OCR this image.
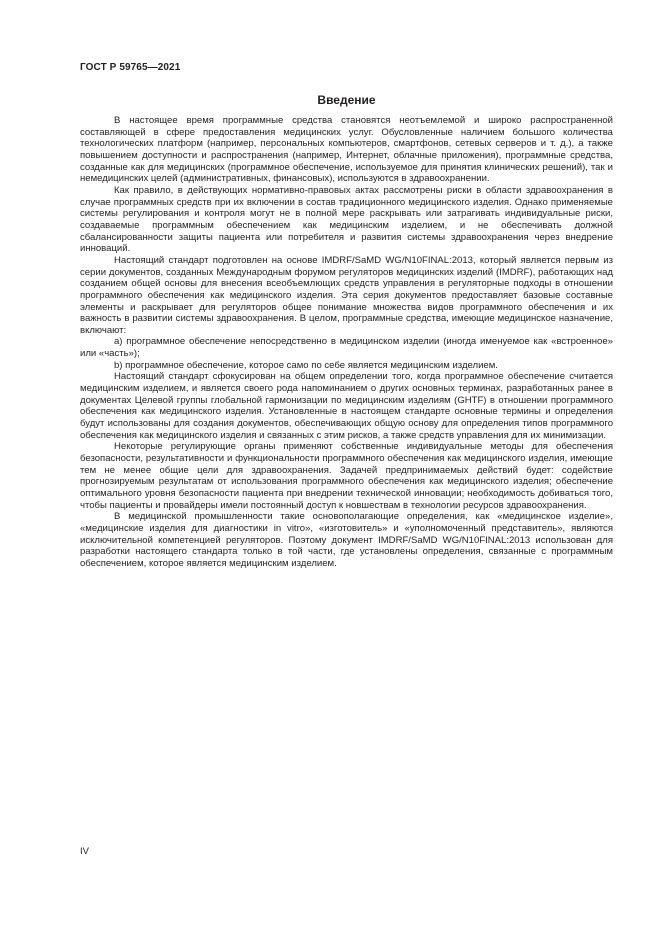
ГОСТ Р 59765—2021
Введение

В настоящее время программные средства становятся неотъемлемой и широко распространенной составляющей в сфере предоставления медицинских услуг. Обусловленные наличием большого количества технологических платформ (например, персональных компьютеров, смартфонов, сетевых серверов и т. д.), а также повышением доступности и распространения (например, Интернет, облачные приложения), программные средства, созданные как для медицинских (программное обеспечение, используемое для принятия клинических решений), так и немедицинских целей (административных, финансовых), используются в здравоохранении.

Как правило, в действующих нормативно-правовых актах рассмотрены риски в области здравоохранения в случае программных средств при их включении в состав традиционного медицинского изделия. Однако применяемые системы регулирования и контроля могут не в полной мере раскрывать или затрагивать индивидуальные риски, создаваемые программным обеспечением как медицинским изделием, и не обеспечивать должной сбалансированности защиты пациента или потребителя и развития системы здравоохранения через внедрение инноваций.

Настоящий стандарт подготовлен на основе IMDRF/SaMD WG/N10FINAL:2013, который является первым из серии документов, созданных Международным форумом регуляторов медицинских изделий (IMDRF), работающих над созданием общей основы для внесения всеобъемлющих средств управления в регуляторные подходы в отношении программного обеспечения как медицинского изделия. Эта серия документов предоставляет базовые составные элементы и раскрывает для регуляторов общее понимание множества видов программного обеспечения и их важность в развитии системы здравоохранения. В целом, программные средства, имеющие медицинское назначение, включают:

а) программное обеспечение непосредственно в медицинском изделии (иногда именуемое как «встроенное» или «часть»);

b) программное обеспечение, которое само по себе является медицинским изделием.

Настоящий стандарт сфокусирован на общем определении того, когда программное обеспечение считается медицинским изделием, и является своего рода напоминанием о других основных терминах, разработанных ранее в документах Целевой группы глобальной гармонизации по медицинским изделиям (GHTF) в отношении программного обеспечения как медицинского изделия. Установленные в настоящем стандарте основные термины и определения будут использованы для создания документов, обеспечивающих общую основу для определения типов программного обеспечения как медицинского изделия и связанных с этим рисков, а также средств управления для их минимизации.

Некоторые регулирующие органы применяют собственные индивидуальные методы для обеспечения безопасности, результативности и функциональности программного обеспечения как медицинского изделия, имеющие тем не менее общие цели для здравоохранения. Задачей предпринимаемых действий будет: содействие прогнозируемым результатам от использования программного обеспечения как медицинского изделия; обеспечение оптимального уровня безопасности пациента при внедрении технической инновации; необходимость добиваться того, чтобы пациенты и провайдеры имели постоянный доступ к новшествам в технологии ресурсов здравоохранения.

В медицинской промышленности такие основополагающие определения, как «медицинское изделие», «медицинские изделия для диагностики in vitro», «изготовитель» и «уполномоченный представитель», являются исключительной компетенцией регуляторов. Поэтому документ IMDRF/SaMD WG/N10FINAL:2013 использован для разработки настоящего стандарта только в той части, где установлены определения, связанные с программным обеспечением, которое является медицинским изделием.

IV
